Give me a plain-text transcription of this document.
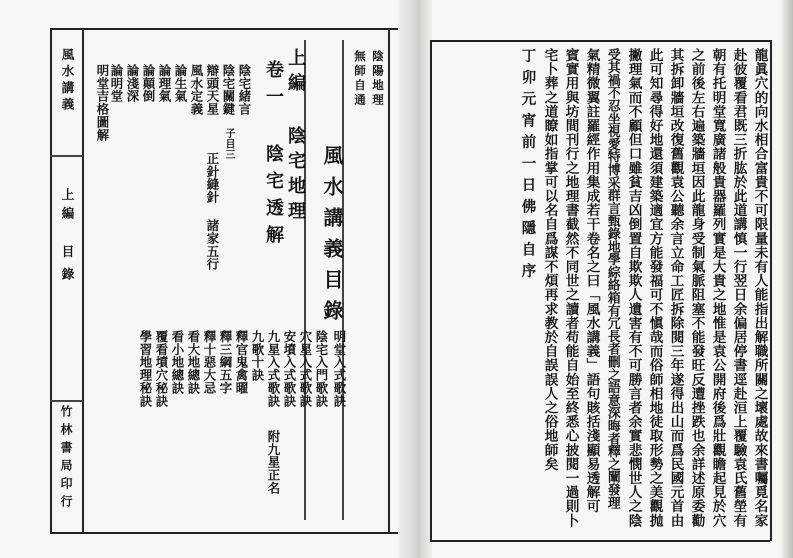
風水講義
上編
目錄
竹林書局印行
陰陽地理
無師自通
風水講義目錄
上編 陰宅地理
卷一 陰宅透解
陰宅緒言
陰宅關鍵子目三
辯頭天星
正針縫針 諸家五行
風水定義
論生氣
論理氣
論顛倒
論淺深
論明堂
明堂吉格圖解
明堂入式歌訣
陰宅入門歌訣
穴星入式歌訣
安墳入式歌訣
九星入式歌訣
附九星正名
九歌十訣
釋官鬼禽曜
釋三綱五字
釋十惡大忌
看大地總訣
看小地總訣
覆看墳穴秘訣
學習地理秘訣	龍眞穴的向水相合富貴不可限量未有人能指出解職所關之壞處故來書囑覓名家
赴彼覆看君既三折肱於此道講慎一行翌日余偏居停書逕赴洹上覆驗袁氏舊塋有
朝有托明堂寬廣諸般貴器羅列實是大貴之地惟是袁公開府後爲壯觀瞻起見於穴
之前後左右遍築牆垣因此龍身受制氣脈阻塞不能發旺反遭挫跌也余詳述原委勸
其拆卸牆垣改復舊觀袁公聽余言立命工匠拆除閱三年遂得出山而爲民國元首由
此可知尋得好地還須建築適宜方能發福可不愼哉而俗師相地徒取形勢之美觀抛
撇理氣而不顧但口雖貧吉凶倒置自欺欺人遺害有不可勝言者余實悲憫世人之陰
受其禍不忍坐視愛特博采群言甄錄地學綜絡箱有冗長者刪之語意深晦者釋之闡發理
氣精微翼註羅經作用集成若干卷名之曰「風水講義」語句賅括淺顯易透解可
賓實用與坊間刊行之地理書截然不同世之讀者苟能自始至終悉心披閱一過則卜
宅卜葬之道瞭如指掌可以名自爲謀不煩再求教於自誤誤人之俗地師矣
丁卯元宵前一日佛隱自序
